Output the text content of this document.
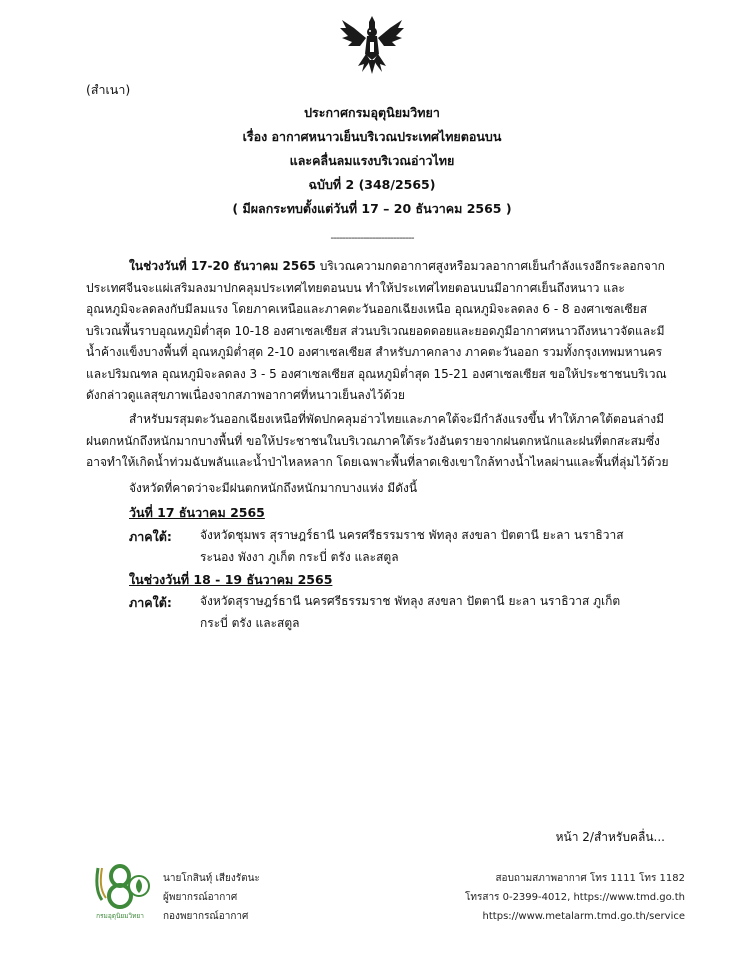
(สำเนา)
ประกาศกรมอุตุนิยมวิทยา
เรื่อง อากาศหนาวเย็นบริเวณประเทศไทยตอนบน
และคลื่นลมแรงบริเวณอ่าวไทย
ฉบับที่ 2 (348/2565)
( มีผลกระทบตั้งแต่วันที่ 17 – 20 ธันวาคม 2565 )
----------------------------
ในช่วงวันที่ 17-20 ธันวาคม 2565 บริเวณความกดอากาศสูงหรือมวลอากาศเย็นกำลังแรงอีกระลอกจาก
ประเทศจีนจะแผ่เสริมลงมาปกคลุมประเทศไทยตอนบน ทำให้ประเทศไทยตอนบนมีอากาศเย็นถึงหนาว และ
อุณหภูมิจะลดลงกับมีลมแรง โดยภาคเหนือและภาคตะวันออกเฉียงเหนือ อุณหภูมิจะลดลง 6 - 8 องศาเซลเซียส
บริเวณพื้นราบอุณหภูมิต่ำสุด 10-18 องศาเซลเซียส ส่วนบริเวณยอดดอยและยอดภูมีอากาศหนาวถึงหนาวจัดและมี
น้ำค้างแข็งบางพื้นที่ อุณหภูมิต่ำสุด 2-10 องศาเซลเซียส สำหรับภาคกลาง ภาคตะวันออก รวมทั้งกรุงเทพมหานคร
และปริมณฑล อุณหภูมิจะลดลง 3 - 5 องศาเซลเซียส อุณหภูมิต่ำสุด 15-21 องศาเซลเซียส ขอให้ประชาชนบริเวณ
ดังกล่าวดูแลสุขภาพเนื่องจากสภาพอากาศที่หนาวเย็นลงไว้ด้วย
สำหรับมรสุมตะวันออกเฉียงเหนือที่พัดปกคลุมอ่าวไทยและภาคใต้จะมีกำลังแรงขึ้น ทำให้ภาคใต้ตอนล่างมี
ฝนตกหนักถึงหนักมากบางพื้นที่ ขอให้ประชาชนในบริเวณภาคใต้ระวังอันตรายจากฝนตกหนักและฝนที่ตกสะสมซึ่ง
อาจทำให้เกิดน้ำท่วมฉับพลันและน้ำป่าไหลหลาก โดยเฉพาะพื้นที่ลาดเชิงเขาใกล้ทางน้ำไหลผ่านและพื้นที่ลุ่มไว้ด้วย
จังหวัดที่คาดว่าจะมีฝนตกหนักถึงหนักมากบางแห่ง มีดังนี้
วันที่ 17 ธันวาคม 2565
ภาคใต้: จังหวัดชุมพร สุราษฎร์ธานี นครศรีธรรมราช พัทลุง สงขลา ปัตตานี ยะลา นราธิวาส
ระนอง พังงา ภูเก็ต กระบี่ ตรัง และสตูล
ในช่วงวันที่ 18 - 19 ธันวาคม 2565
ภาคใต้: จังหวัดสุราษฎร์ธานี นครศรีธรรมราช พัทลุง สงขลา ปัตตานี ยะลา นราธิวาส ภูเก็ต
กระบี่ ตรัง และสตูล
หน้า 2/สำหรับคลื่น...
กรมอุตุนิยมวิทยา
นายโกสินทุ์ เสียงรัตนะ
ผู้พยากรณ์อากาศ
กองพยากรณ์อากาศ
สอบถามสภาพอากาศ โทร 1111 โทร 1182
โทรสาร 0-2399-4012, https://www.tmd.go.th
https://www.metalarm.tmd.go.th/service
